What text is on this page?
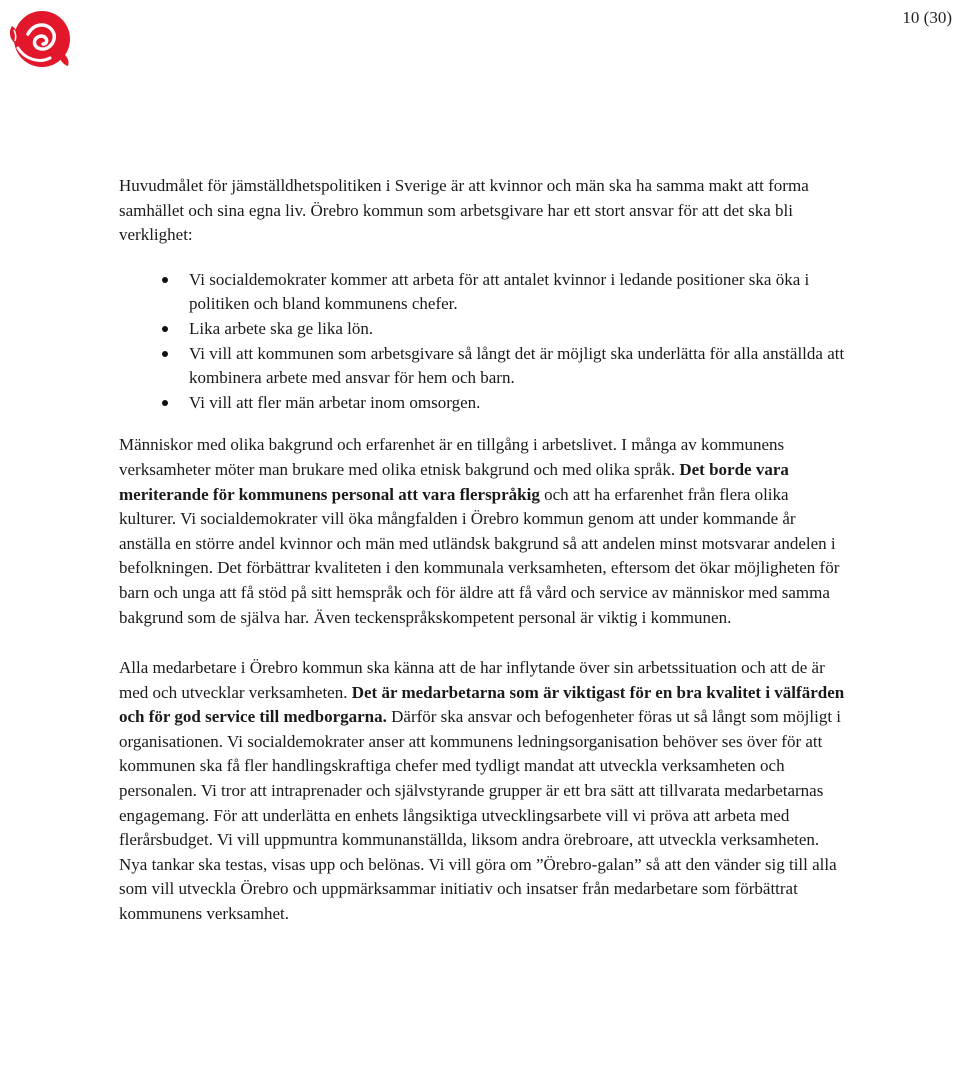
10 (30)

Huvudmålet för jämställdhetspolitiken i Sverige är att kvinnor och män ska ha samma makt att forma samhället och sina egna liv. Örebro kommun som arbetsgivare har ett stort ansvar för att det ska bli verklighet:

Vi socialdemokrater kommer att arbeta för att antalet kvinnor i ledande positioner ska öka i politiken och bland kommunens chefer.
Lika arbete ska ge lika lön.
Vi vill att kommunen som arbetsgivare så långt det är möjligt ska underlätta för alla anställda att kombinera arbete med ansvar för hem och barn.
Vi vill att fler män arbetar inom omsorgen.

Människor med olika bakgrund och erfarenhet är en tillgång i arbetslivet. I många av kommunens verksamheter möter man brukare med olika etnisk bakgrund och med olika språk. Det borde vara meriterande för kommunens personal att vara flerspråkig och att ha erfarenhet från flera olika kulturer. Vi socialdemokrater vill öka mångfalden i Örebro kommun genom att under kommande år anställa en större andel kvinnor och män med utländsk bakgrund så att andelen minst motsvarar andelen i befolkningen. Det förbättrar kvaliteten i den kommunala verksamheten, eftersom det ökar möjligheten för barn och unga att få stöd på sitt hemspråk och för äldre att få vård och service av människor med samma bakgrund som de själva har. Även teckenspråkskompetent personal är viktig i kommunen.

Alla medarbetare i Örebro kommun ska känna att de har inflytande över sin arbetssituation och att de är med och utvecklar verksamheten. Det är medarbetarna som är viktigast för en bra kvalitet i välfärden och för god service till medborgarna. Därför ska ansvar och befogenheter föras ut så långt som möjligt i organisationen. Vi socialdemokrater anser att kommunens ledningsorganisation behöver ses över för att kommunen ska få fler handlingskraftiga chefer med tydligt mandat att utveckla verksamheten och personalen. Vi tror att intraprenader och självstyrande grupper är ett bra sätt att tillvarata medarbetarnas engagemang. För att underlätta en enhets långsiktiga utvecklingsarbete vill vi pröva att arbeta med flerårsbudget. Vi vill uppmuntra kommunanställda, liksom andra örebroare, att utveckla verksamheten. Nya tankar ska testas, visas upp och belönas. Vi vill göra om ”Örebro-galan” så att den vänder sig till alla som vill utveckla Örebro och uppmärksammar initiativ och insatser från medarbetare som förbättrat kommunens verksamhet.
